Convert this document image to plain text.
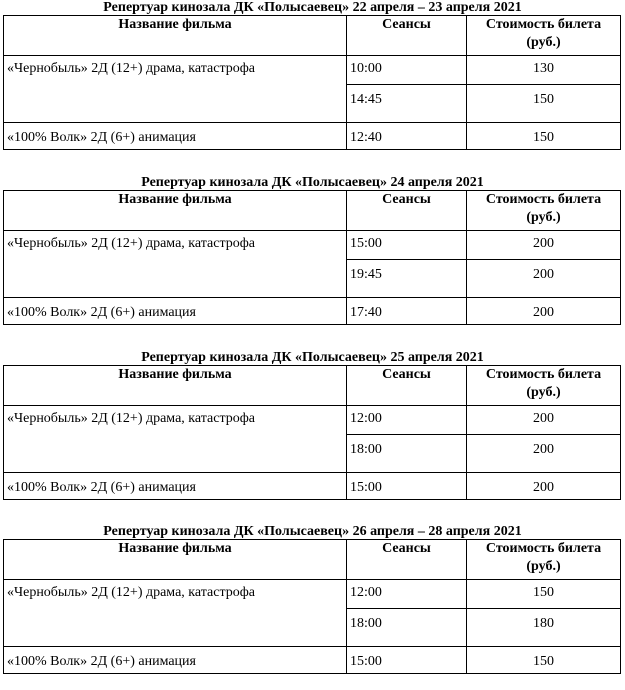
Репертуар кинозала ДК «Полысаевец» 22 апреля – 23 апреля 2021
Название фильма	Сеансы	Стоимость билета (руб.)
«Чернобыль» 2Д (12+) драма, катастрофа	10:00	130
	14:45	150
«100% Волк» 2Д (6+) анимация	12:40	150
Репертуар кинозала ДК «Полысаевец» 24 апреля 2021
Название фильма	Сеансы	Стоимость билета (руб.)
«Чернобыль» 2Д (12+) драма, катастрофа	15:00	200
	19:45	200
«100% Волк» 2Д (6+) анимация	17:40	200
Репертуар кинозала ДК «Полысаевец» 25 апреля 2021
Название фильма	Сеансы	Стоимость билета (руб.)
«Чернобыль» 2Д (12+) драма, катастрофа	12:00	200
	18:00	200
«100% Волк» 2Д (6+) анимация	15:00	200
Репертуар кинозала ДК «Полысаевец» 26 апреля – 28 апреля 2021
Название фильма	Сеансы	Стоимость билета (руб.)
«Чернобыль» 2Д (12+) драма, катастрофа	12:00	150
	18:00	180
«100% Волк» 2Д (6+) анимация	15:00	150
